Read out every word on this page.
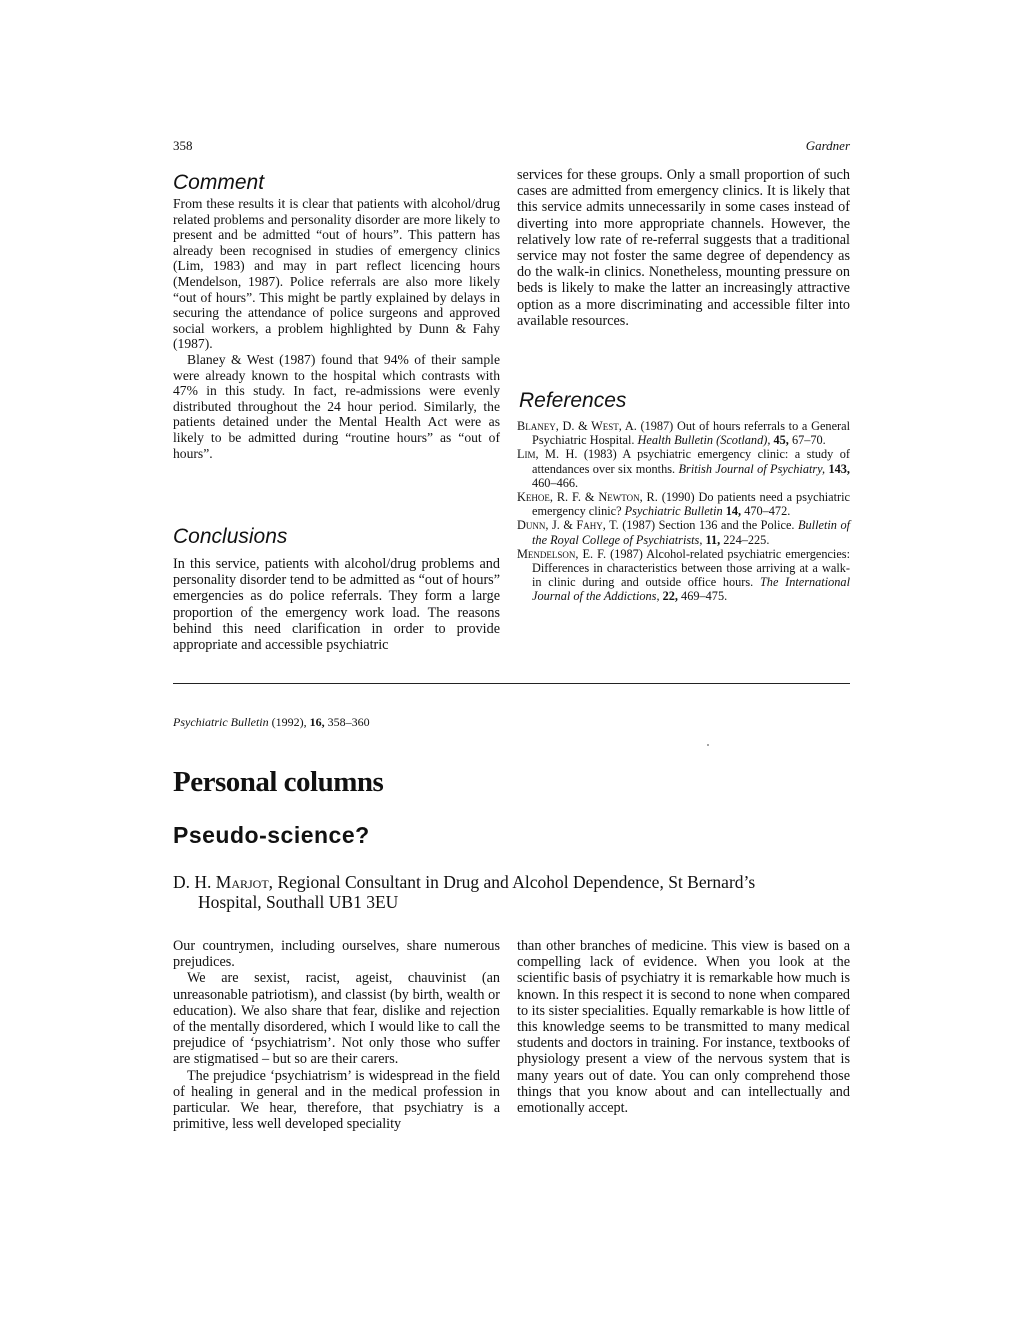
358	Gardner
Comment

From these results it is clear that patients with alcohol/drug related problems and personality disorder are more likely to present and be admitted “out of hours”. This pattern has already been recognised in studies of emergency clinics (Lim, 1983) and may in part reflect licencing hours (Mendelson, 1987). Police referrals are also more likely “out of hours”. This might be partly explained by delays in securing the attendance of police surgeons and approved social workers, a problem highlighted by Dunn & Fahy (1987).

Blaney & West (1987) found that 94% of their sample were already known to the hospital which contrasts with 47% in this study. In fact, re-admissions were evenly distributed throughout the 24 hour period. Similarly, the patients detained under the Mental Health Act were as likely to be admitted during “routine hours” as “out of hours”.

Conclusions

In this service, patients with alcohol/drug problems and personality disorder tend to be admitted as “out of hours” emergencies as do police referrals. They form a large proportion of the emergency work load. The reasons behind this need clarification in order to provide appropriate and accessible psychiatric

services for these groups. Only a small proportion of such cases are admitted from emergency clinics. It is likely that this service admits unnecessarily in some cases instead of diverting into more appropriate channels. However, the relatively low rate of re-referral suggests that a traditional service may not foster the same degree of dependency as do the walk-in clinics. Nonetheless, mounting pressure on beds is likely to make the latter an increasingly attractive option as a more discriminating and accessible filter into available resources.

References

Blaney, D. & West, A. (1987) Out of hours referrals to a General Psychiatric Hospital. Health Bulletin (Scotland), 45, 67–70.

Lim, M. H. (1983) A psychiatric emergency clinic: a study of attendances over six months. British Journal of Psychiatry, 143, 460–466.

Kehoe, R. F. & Newton, R. (1990) Do patients need a psychiatric emergency clinic? Psychiatric Bulletin 14, 470–472.

Dunn, J. & Fahy, T. (1987) Section 136 and the Police. Bulletin of the Royal College of Psychiatrists, 11, 224–225.

Mendelson, E. F. (1987) Alcohol-related psychiatric emergencies: Differences in characteristics between those arriving at a walk-in clinic during and outside office hours. The International Journal of the Addictions, 22, 469–475.

Psychiatric Bulletin (1992), 16, 358–360
Personal columns
Pseudo-science?
D. H. Marjot, Regional Consultant in Drug and Alcohol Dependence, St Bernard’s
Hospital, Southall UB1 3EU

Our countrymen, including ourselves, share numerous prejudices.

We are sexist, racist, ageist, chauvinist (an unreasonable patriotism), and classist (by birth, wealth or education). We also share that fear, dislike and rejection of the mentally disordered, which I would like to call the prejudice of ‘psychiatrism’. Not only those who suffer are stigmatised – but so are their carers.

The prejudice ‘psychiatrism’ is widespread in the field of healing in general and in the medical profession in particular. We hear, therefore, that psychiatry is a primitive, less well developed speciality

than other branches of medicine. This view is based on a compelling lack of evidence. When you look at the scientific basis of psychiatry it is remarkable how much is known. In this respect it is second to none when compared to its sister specialities. Equally remarkable is how little of this knowledge seems to be transmitted to many medical students and doctors in training. For instance, textbooks of physiology present a view of the nervous system that is many years out of date. You can only comprehend those things that you know about and can intellectually and emotionally accept.
